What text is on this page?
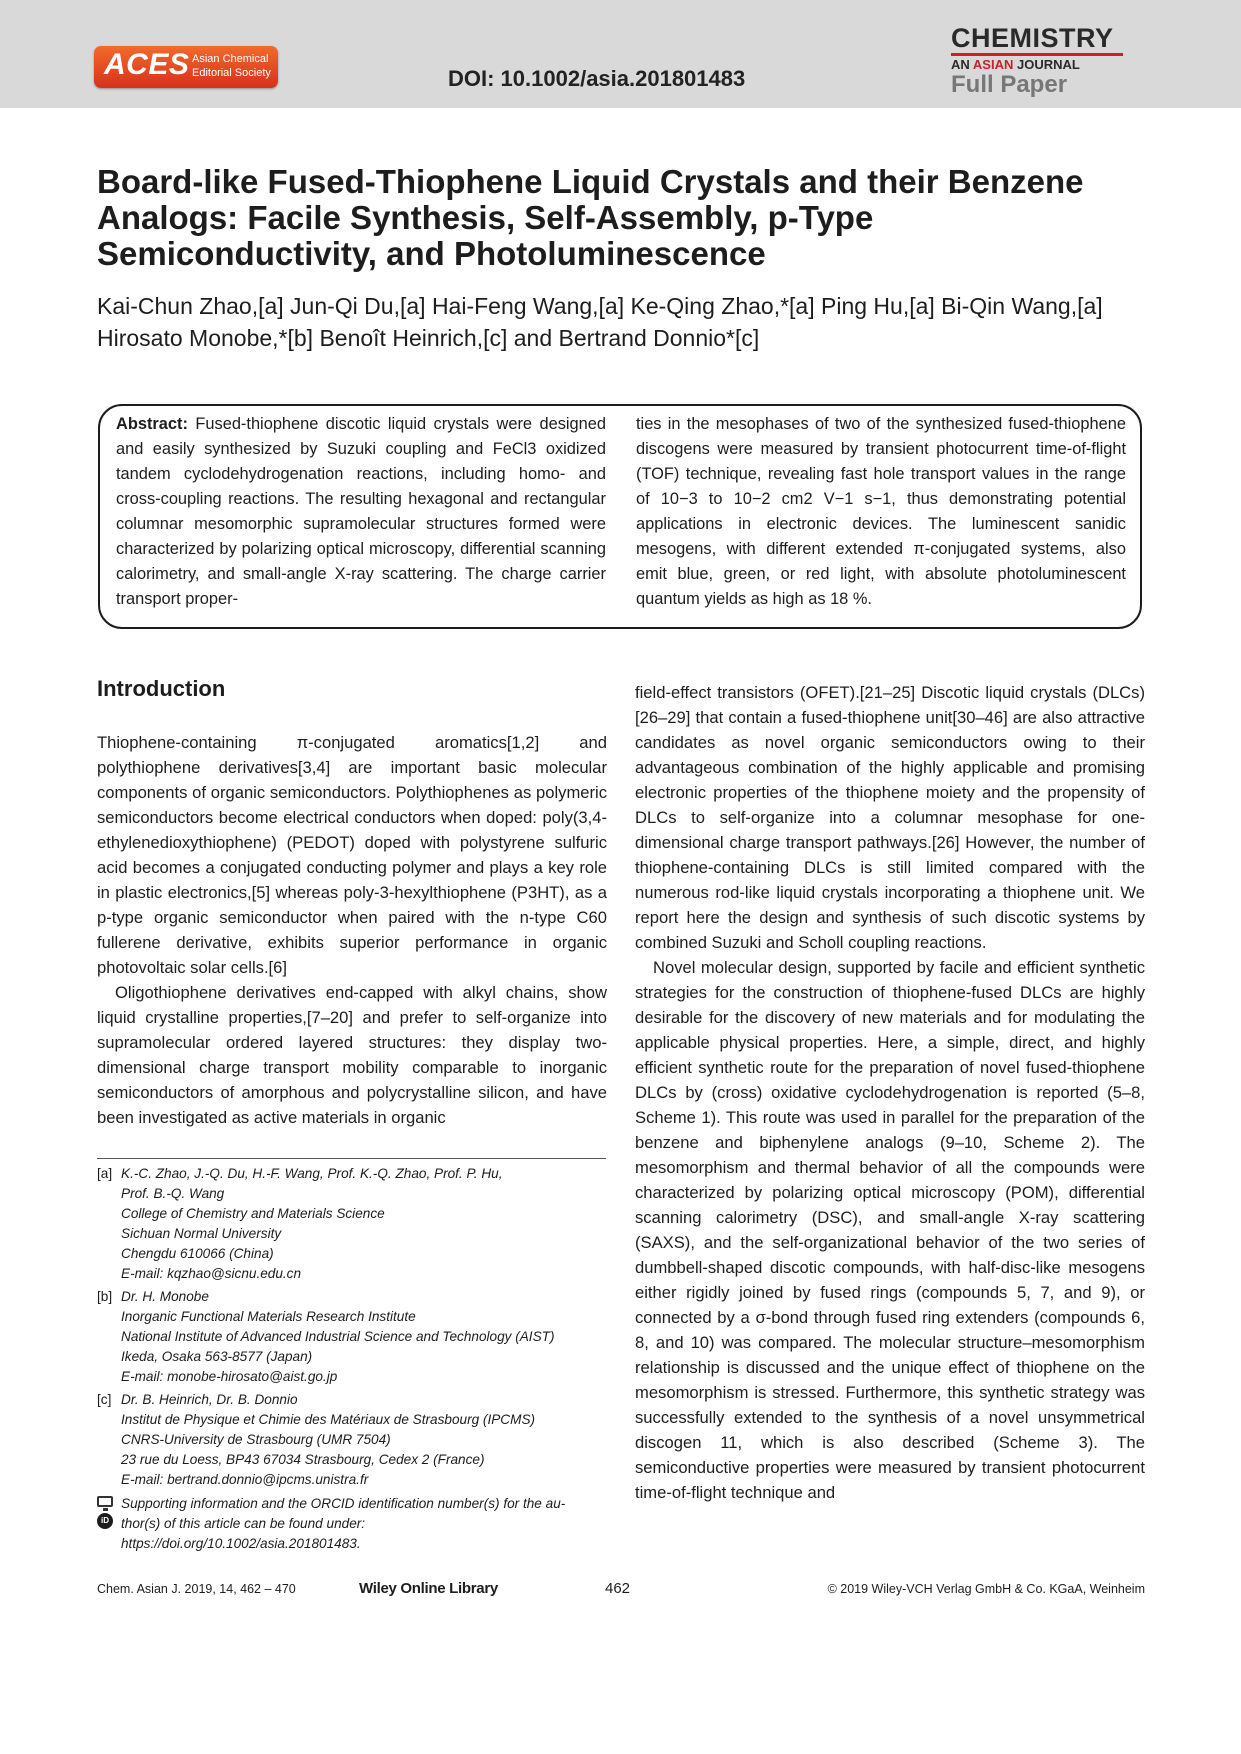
ACES Asian Chemical Editorial Society	DOI: 10.1002/asia.201801483
CHEMISTRY
AN ASIAN JOURNAL
Full Paper
Board-like Fused-Thiophene Liquid Crystals and their Benzene Analogs: Facile Synthesis, Self-Assembly, p-Type Semiconductivity, and Photoluminescence
Kai-Chun Zhao,[a] Jun-Qi Du,[a] Hai-Feng Wang,[a] Ke-Qing Zhao,*[a] Ping Hu,[a] Bi-Qin Wang,[a]
Hirosato Monobe,*[b] Benoît Heinrich,[c] and Bertrand Donnio*[c]
Abstract: Fused-thiophene discotic liquid crystals were designed and easily synthesized by Suzuki coupling and FeCl3 oxidized tandem cyclodehydrogenation reactions, including homo- and cross-coupling reactions. The resulting hexagonal and rectangular columnar mesomorphic supramolecular structures formed were characterized by polarizing optical microscopy, differential scanning calorimetry, and small-angle X-ray scattering. The charge carrier transport proper-
ties in the mesophases of two of the synthesized fused-thiophene discogens were measured by transient photocurrent time-of-flight (TOF) technique, revealing fast hole transport values in the range of 10−3 to 10−2 cm2 V−1 s−1, thus demonstrating potential applications in electronic devices. The luminescent sanidic mesogens, with different extended π-conjugated systems, also emit blue, green, or red light, with absolute photoluminescent quantum yields as high as 18 %.
Introduction

Thiophene-containing π-conjugated aromatics[1,2] and polythiophene derivatives[3,4] are important basic molecular components of organic semiconductors. Polythiophenes as polymeric semiconductors become electrical conductors when doped: poly(3,4-ethylenedioxythiophene) (PEDOT) doped with polystyrene sulfuric acid becomes a conjugated conducting polymer and plays a key role in plastic electronics,[5] whereas poly-3-hexylthiophene (P3HT), as a p-type organic semiconductor when paired with the n-type C60 fullerene derivative, exhibits superior performance in organic photovoltaic solar cells.[6]

Oligothiophene derivatives end-capped with alkyl chains, show liquid crystalline properties,[7–20] and prefer to self-organize into supramolecular ordered layered structures: they display two-dimensional charge transport mobility comparable to inorganic semiconductors of amorphous and polycrystalline silicon, and have been investigated as active materials in organic

field-effect transistors (OFET).[21–25] Discotic liquid crystals (DLCs)[26–29] that contain a fused-thiophene unit[30–46] are also attractive candidates as novel organic semiconductors owing to their advantageous combination of the highly applicable and promising electronic properties of the thiophene moiety and the propensity of DLCs to self-organize into a columnar mesophase for one-dimensional charge transport pathways.[26] However, the number of thiophene-containing DLCs is still limited compared with the numerous rod-like liquid crystals incorporating a thiophene unit. We report here the design and synthesis of such discotic systems by combined Suzuki and Scholl coupling reactions.

Novel molecular design, supported by facile and efficient synthetic strategies for the construction of thiophene-fused DLCs are highly desirable for the discovery of new materials and for modulating the applicable physical properties. Here, a simple, direct, and highly efficient synthetic route for the preparation of novel fused-thiophene DLCs by (cross) oxidative cyclodehydrogenation is reported (5–8, Scheme 1). This route was used in parallel for the preparation of the benzene and biphenylene analogs (9–10, Scheme 2). The mesomorphism and thermal behavior of all the compounds were characterized by polarizing optical microscopy (POM), differential scanning calorimetry (DSC), and small-angle X-ray scattering (SAXS), and the self-organizational behavior of the two series of dumbbell-shaped discotic compounds, with half-disc-like mesogens either rigidly joined by fused rings (compounds 5, 7, and 9), or connected by a σ-bond through fused ring extenders (compounds 6, 8, and 10) was compared. The molecular structure–mesomorphism relationship is discussed and the unique effect of thiophene on the mesomorphism is stressed. Furthermore, this synthetic strategy was successfully extended to the synthesis of a novel unsymmetrical discogen 11, which is also described (Scheme 3). The semiconductive properties were measured by transient photocurrent time-of-flight technique and

[a] K.-C. Zhao, J.-Q. Du, H.-F. Wang, Prof. K.-Q. Zhao, Prof. P. Hu,
Prof. B.-Q. Wang
College of Chemistry and Materials Science
Sichuan Normal University
Chengdu 610066 (China)
E-mail: kqzhao@sicnu.edu.cn
[b] Dr. H. Monobe
Inorganic Functional Materials Research Institute
National Institute of Advanced Industrial Science and Technology (AIST)
Ikeda, Osaka 563-8577 (Japan)
E-mail: monobe-hirosato@aist.go.jp
[c] Dr. B. Heinrich, Dr. B. Donnio
Institut de Physique et Chimie des Matériaux de Strasbourg (IPCMS)
CNRS-University de Strasbourg (UMR 7504)
23 rue du Loess, BP43 67034 Strasbourg, Cedex 2 (France)
E-mail: bertrand.donnio@ipcms.unistra.fr
iD
Supporting information and the ORCID identification number(s) for the au-
thor(s) of this article can be found under:
https://doi.org/10.1002/asia.201801483.
Chem. Asian J. 2019, 14, 462 – 470	Wiley Online Library	462	© 2019 Wiley-VCH Verlag GmbH & Co. KGaA, Weinheim
